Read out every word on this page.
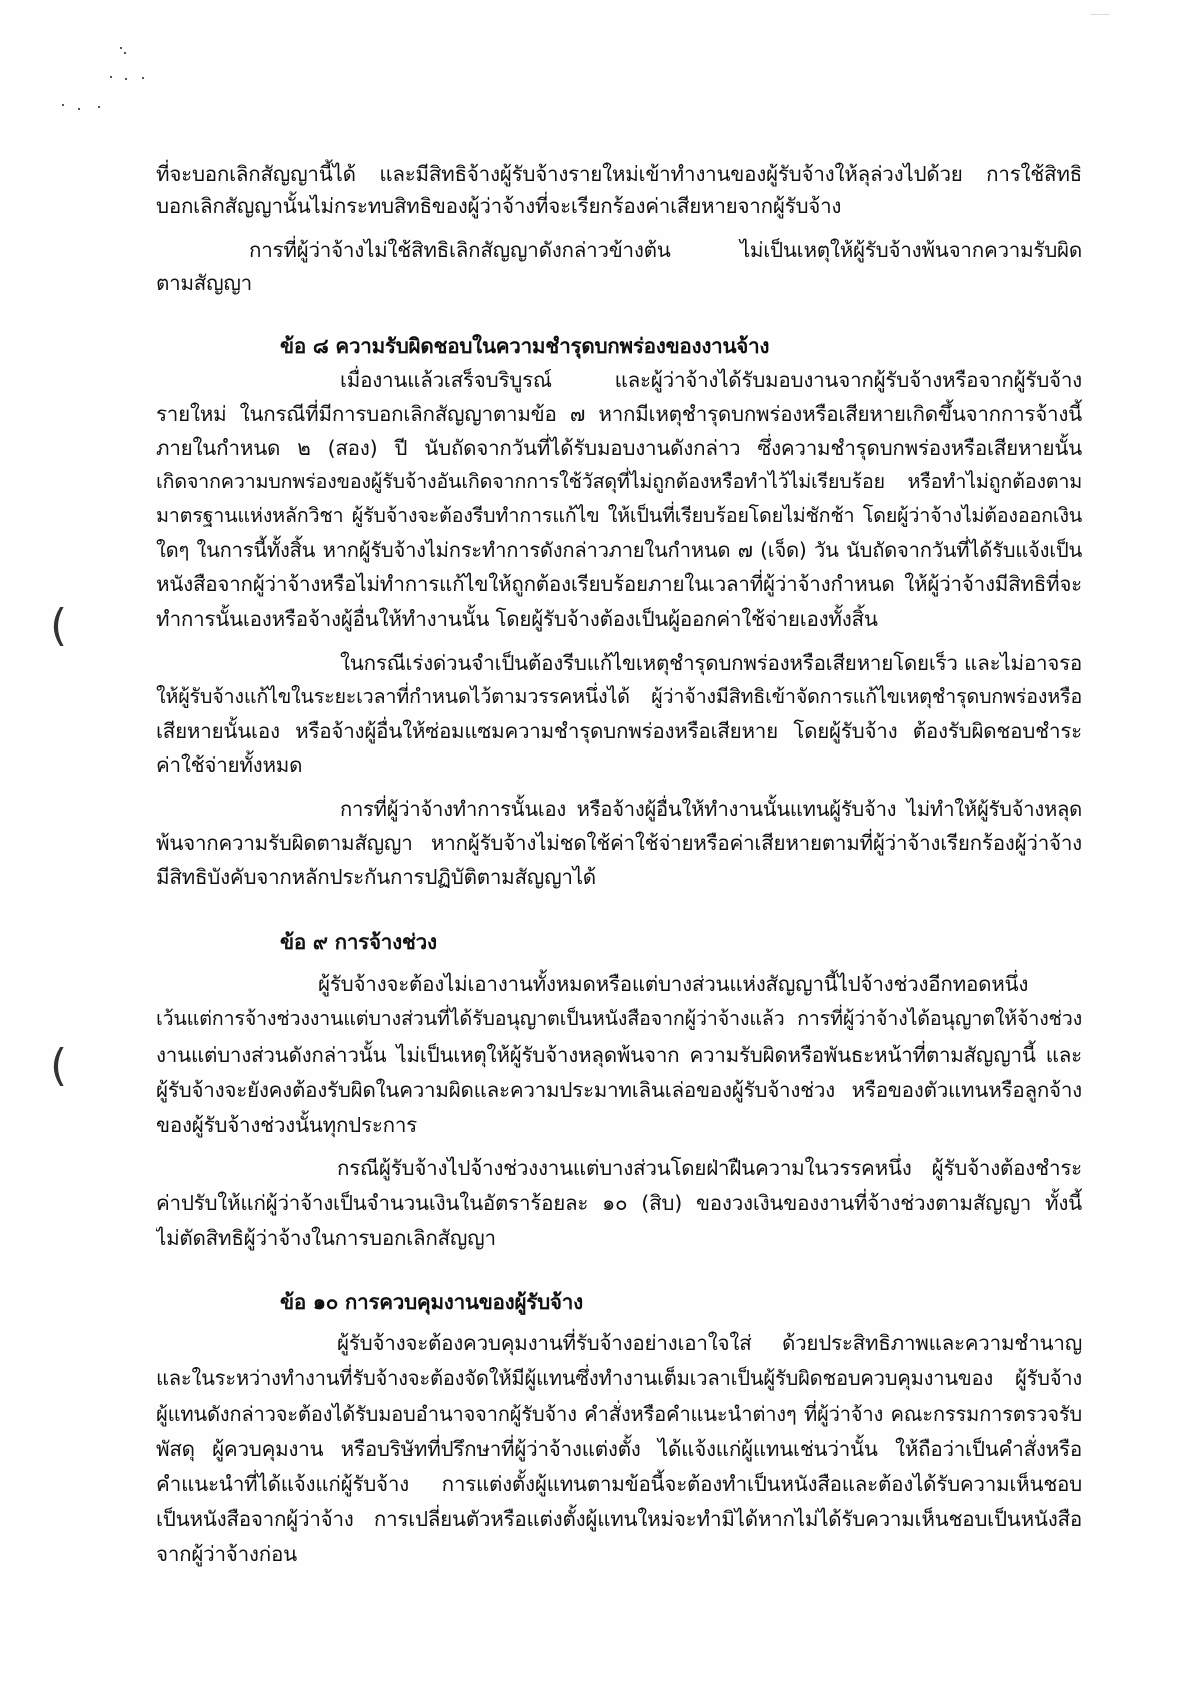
ที่จะบอกเลิกสัญญานี้ได้ และมีสิทธิจ้างผู้รับจ้างรายใหม่เข้าทำงานของผู้รับจ้างให้ลุล่วงไปด้วย การใช้สิทธิ
บอกเลิกสัญญานั้นไม่กระทบสิทธิของผู้ว่าจ้างที่จะเรียกร้องค่าเสียหายจากผู้รับจ้าง
การที่ผู้ว่าจ้างไม่ใช้สิทธิเลิกสัญญาดังกล่าวข้างต้น ไม่เป็นเหตุให้ผู้รับจ้างพ้นจากความรับผิด
ตามสัญญา
ข้อ ๘ ความรับผิดชอบในความชำรุดบกพร่องของงานจ้าง
เมื่องานแล้วเสร็จบริบูรณ์ และผู้ว่าจ้างได้รับมอบงานจากผู้รับจ้างหรือจากผู้รับจ้าง
รายใหม่ ในกรณีที่มีการบอกเลิกสัญญาตามข้อ ๗ หากมีเหตุชำรุดบกพร่องหรือเสียหายเกิดขึ้นจากการจ้างนี้
ภายในกำหนด ๒ (สอง) ปี นับถัดจากวันที่ได้รับมอบงานดังกล่าว ซึ่งความชำรุดบกพร่องหรือเสียหายนั้น
เกิดจากความบกพร่องของผู้รับจ้างอันเกิดจากการใช้วัสดุที่ไม่ถูกต้องหรือทำไว้ไม่เรียบร้อย หรือทำไม่ถูกต้องตาม
มาตรฐานแห่งหลักวิชา ผู้รับจ้างจะต้องรีบทำการแก้ไข ให้เป็นที่เรียบร้อยโดยไม่ชักช้า โดยผู้ว่าจ้างไม่ต้องออกเงิน
ใดๆ ในการนี้ทั้งสิ้น หากผู้รับจ้างไม่กระทำการดังกล่าวภายในกำหนด ๗ (เจ็ด) วัน นับถัดจากวันที่ได้รับแจ้งเป็น
หนังสือจากผู้ว่าจ้างหรือไม่ทำการแก้ไขให้ถูกต้องเรียบร้อยภายในเวลาที่ผู้ว่าจ้างกำหนด ให้ผู้ว่าจ้างมีสิทธิที่จะ
ทำการนั้นเองหรือจ้างผู้อื่นให้ทำงานนั้น โดยผู้รับจ้างต้องเป็นผู้ออกค่าใช้จ่ายเองทั้งสิ้น
ในกรณีเร่งด่วนจำเป็นต้องรีบแก้ไขเหตุชำรุดบกพร่องหรือเสียหายโดยเร็ว และไม่อาจรอ
ให้ผู้รับจ้างแก้ไขในระยะเวลาที่กำหนดไว้ตามวรรคหนึ่งได้ ผู้ว่าจ้างมีสิทธิเข้าจัดการแก้ไขเหตุชำรุดบกพร่องหรือ
เสียหายนั้นเอง หรือจ้างผู้อื่นให้ซ่อมแซมความชำรุดบกพร่องหรือเสียหาย โดยผู้รับจ้าง ต้องรับผิดชอบชำระ
ค่าใช้จ่ายทั้งหมด
การที่ผู้ว่าจ้างทำการนั้นเอง หรือจ้างผู้อื่นให้ทำงานนั้นแทนผู้รับจ้าง ไม่ทำให้ผู้รับจ้างหลุด
พ้นจากความรับผิดตามสัญญา หากผู้รับจ้างไม่ชดใช้ค่าใช้จ่ายหรือค่าเสียหายตามที่ผู้ว่าจ้างเรียกร้องผู้ว่าจ้าง
มีสิทธิบังคับจากหลักประกันการปฏิบัติตามสัญญาได้
ข้อ ๙ การจ้างช่วง
ผู้รับจ้างจะต้องไม่เอางานทั้งหมดหรือแต่บางส่วนแห่งสัญญานี้ไปจ้างช่วงอีกทอดหนึ่ง
เว้นแต่การจ้างช่วงงานแต่บางส่วนที่ได้รับอนุญาตเป็นหนังสือจากผู้ว่าจ้างแล้ว การที่ผู้ว่าจ้างได้อนุญาตให้จ้างช่วง
งานแต่บางส่วนดังกล่าวนั้น ไม่เป็นเหตุให้ผู้รับจ้างหลุดพ้นจาก ความรับผิดหรือพันธะหน้าที่ตามสัญญานี้ และ
ผู้รับจ้างจะยังคงต้องรับผิดในความผิดและความประมาทเลินเล่อของผู้รับจ้างช่วง หรือของตัวแทนหรือลูกจ้าง
ของผู้รับจ้างช่วงนั้นทุกประการ
กรณีผู้รับจ้างไปจ้างช่วงงานแต่บางส่วนโดยฝ่าฝืนความในวรรคหนึ่ง ผู้รับจ้างต้องชำระ
ค่าปรับให้แก่ผู้ว่าจ้างเป็นจำนวนเงินในอัตราร้อยละ ๑๐ (สิบ) ของวงเงินของงานที่จ้างช่วงตามสัญญา ทั้งนี้
ไม่ตัดสิทธิผู้ว่าจ้างในการบอกเลิกสัญญา
ข้อ ๑๐ การควบคุมงานของผู้รับจ้าง
ผู้รับจ้างจะต้องควบคุมงานที่รับจ้างอย่างเอาใจใส่ ด้วยประสิทธิภาพและความชำนาญ
และในระหว่างทำงานที่รับจ้างจะต้องจัดให้มีผู้แทนซึ่งทำงานเต็มเวลาเป็นผู้รับผิดชอบควบคุมงานของ ผู้รับจ้าง
ผู้แทนดังกล่าวจะต้องได้รับมอบอำนาจจากผู้รับจ้าง คำสั่งหรือคำแนะนำต่างๆ ที่ผู้ว่าจ้าง คณะกรรมการตรวจรับ
พัสดุ ผู้ควบคุมงาน หรือบริษัทที่ปรึกษาที่ผู้ว่าจ้างแต่งตั้ง ได้แจ้งแก่ผู้แทนเช่นว่านั้น ให้ถือว่าเป็นคำสั่งหรือ
คำแนะนำที่ได้แจ้งแก่ผู้รับจ้าง การแต่งตั้งผู้แทนตามข้อนี้จะต้องทำเป็นหนังสือและต้องได้รับความเห็นชอบ
เป็นหนังสือจากผู้ว่าจ้าง การเปลี่ยนตัวหรือแต่งตั้งผู้แทนใหม่จะทำมิได้หากไม่ได้รับความเห็นชอบเป็นหนังสือ
จากผู้ว่าจ้างก่อน
(
(
